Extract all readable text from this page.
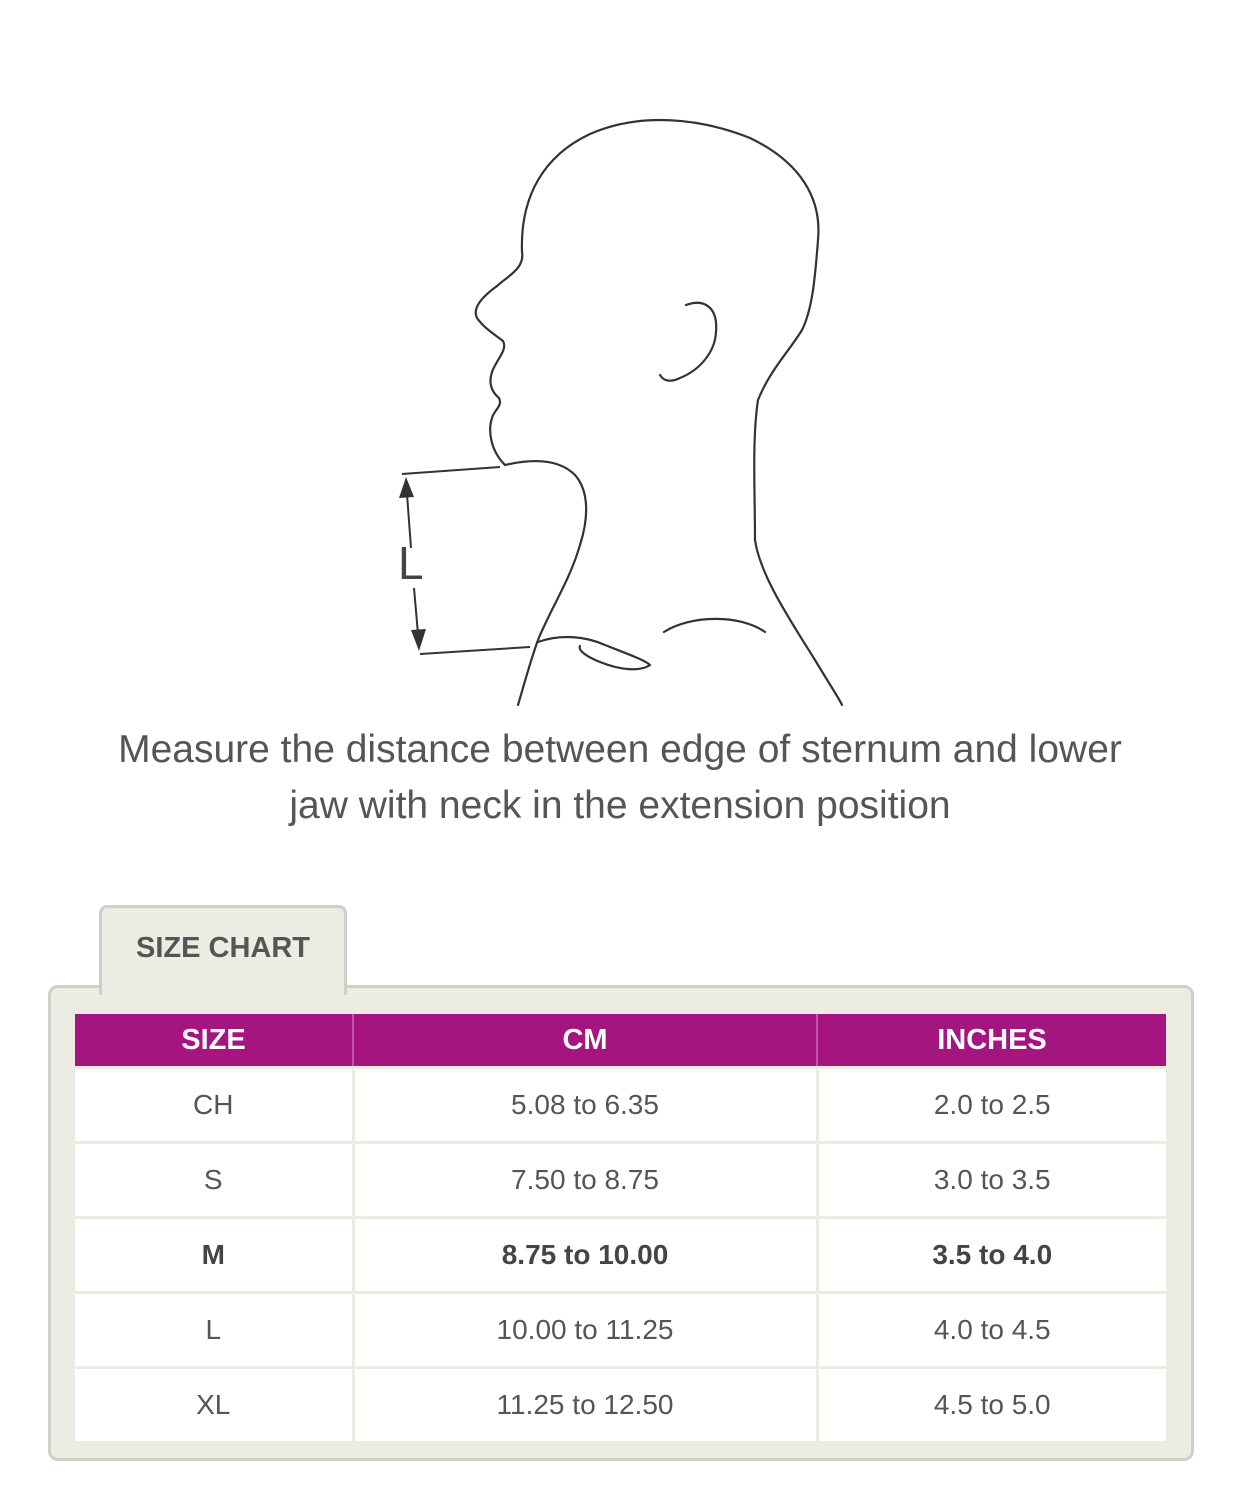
L
Measure the distance between edge of sternum and lower
jaw with neck in the extension position
SIZE CHART
SIZE	CM	INCHES
CH	5.08 to 6.35	2.0 to 2.5
S	7.50 to 8.75	3.0 to 3.5
M	8.75 to 10.00	3.5 to 4.0
L	10.00 to 11.25	4.0 to 4.5
XL	11.25 to 12.50	4.5 to 5.0
